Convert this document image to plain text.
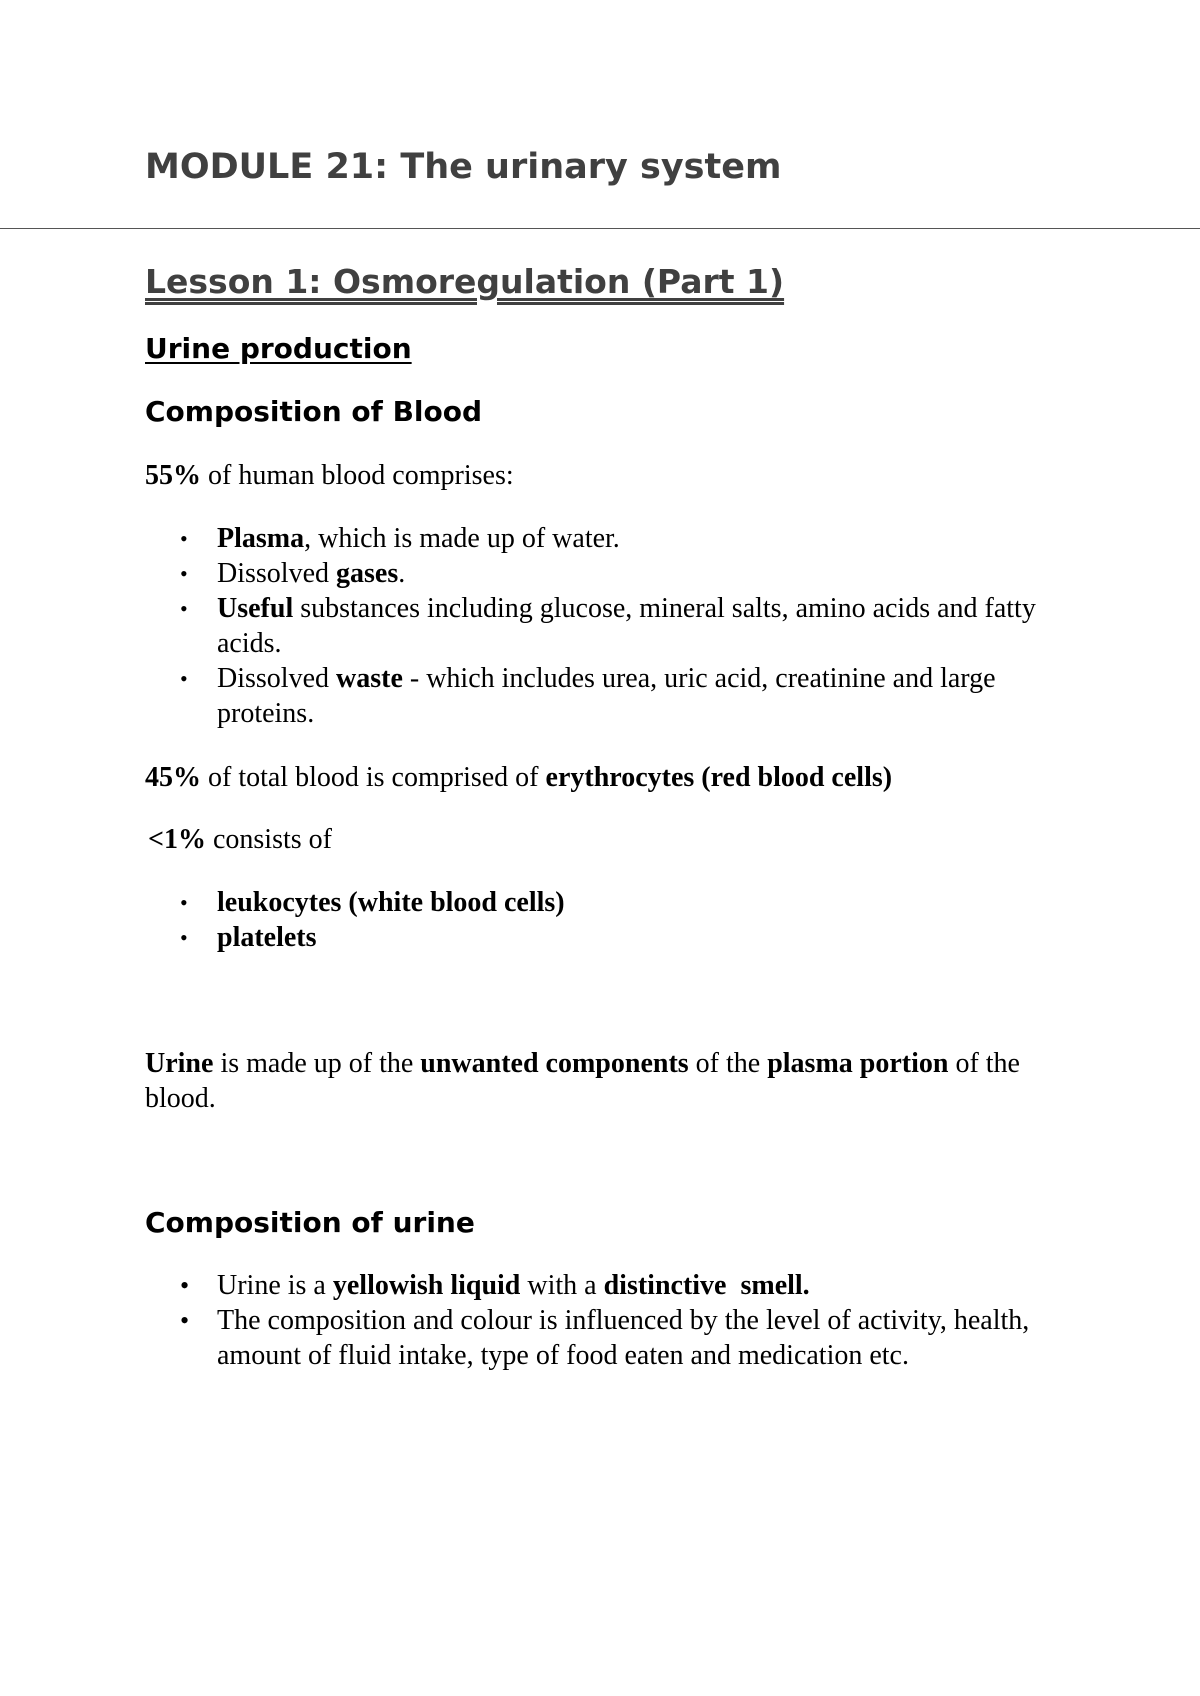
MODULE 21: The urinary system
Lesson 1: Osmoregulation (Part 1)
Urine production
Composition of Blood

55% of human blood comprises:

• Plasma, which is made up of water.
• Dissolved gases.
• Useful substances including glucose, mineral salts, amino acids and fatty acids.
• Dissolved waste - which includes urea, uric acid, creatinine and large proteins.

45% of total blood is comprised of erythrocytes (red blood cells)

<1% consists of

• leukocytes (white blood cells)
• platelets

Urine is made up of the unwanted components of the plasma portion of the blood.

Composition of urine
• Urine is a yellowish liquid with a distinctive  smell.
• The composition and colour is influenced by the level of activity, health, amount of fluid intake, type of food eaten and medication etc.
